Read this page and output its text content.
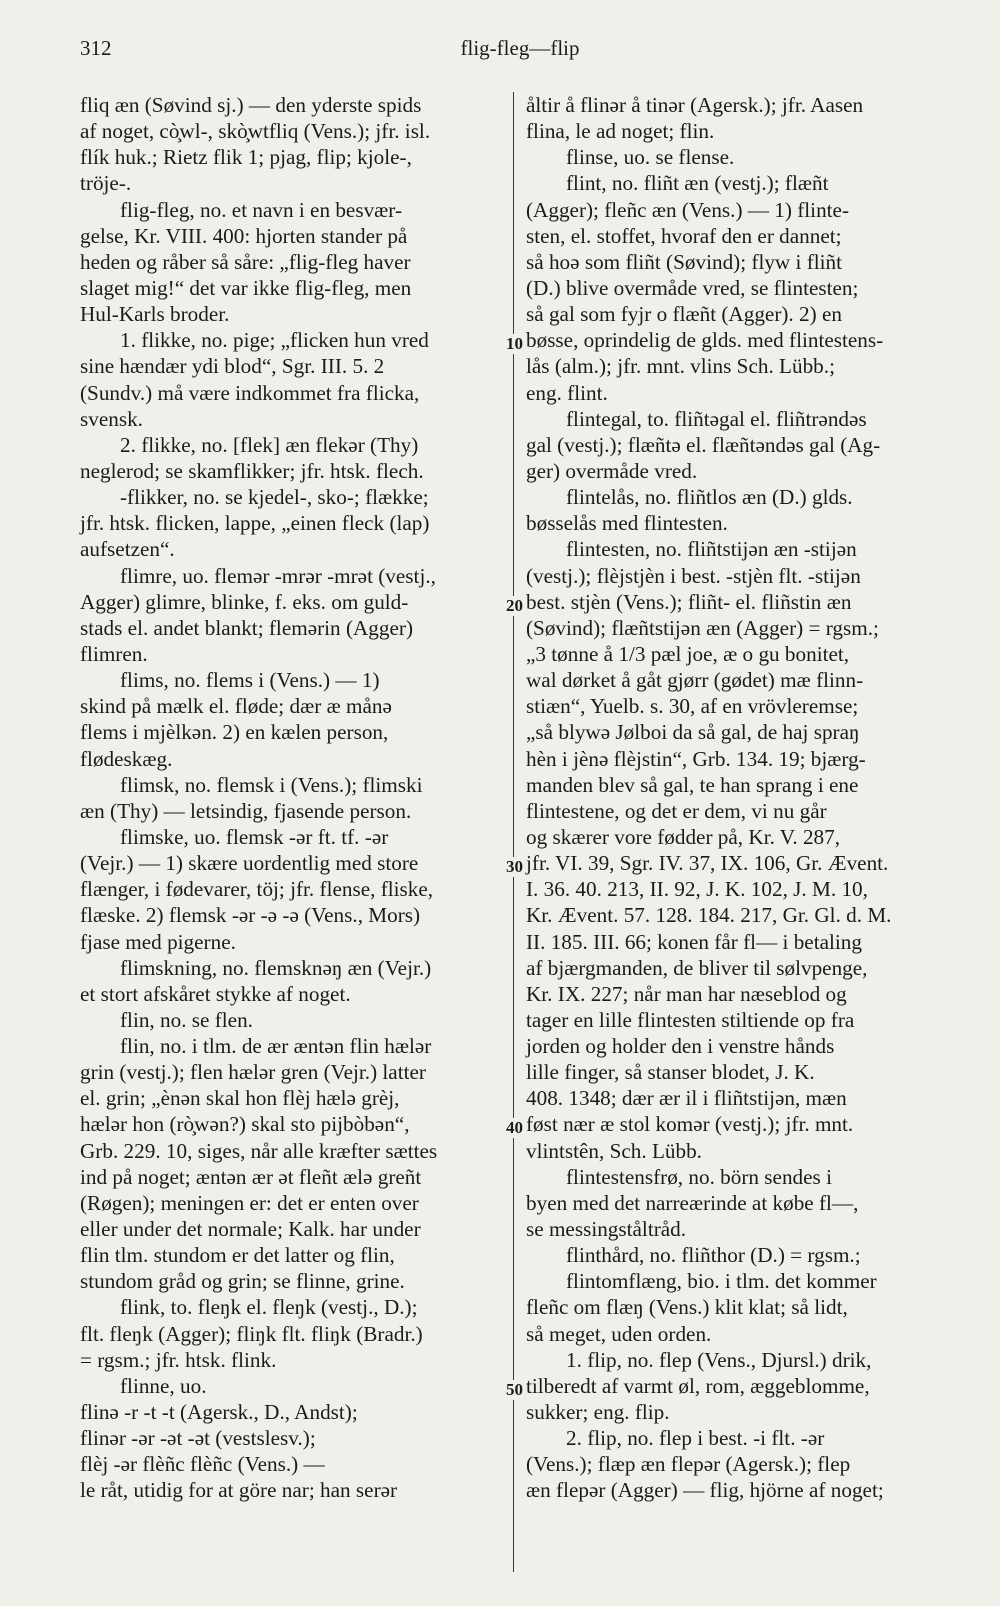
312	flig-fleg—flip
fliq æn (Søvind sj.) — den yderste spids
af noget, cò̧wl-, skò̧wtfliq (Vens.); jfr. isl.
flík huk.; Rietz flik 1; pjag, flip; kjole-,
tröje-.
flig-fleg, no. et navn i en besvær-
gelse, Kr. VIII. 400: hjorten stander på
heden og råber så såre: „flig-fleg haver
slaget mig!“ det var ikke flig-fleg, men
Hul-Karls broder.
1. flikke, no. pige; „flicken hun vred
sine hændær ydi blod“, Sgr. III. 5. 2
(Sundv.) må være indkommet fra flicka,
svensk.
2. flikke, no. [flek] æn flekər (Thy)
neglerod; se skamflikker; jfr. htsk. flech.
-flikker, no. se kjedel-, sko-; flække;
jfr. htsk. flicken, lappe, „einen fleck (lap)
aufsetzen“.
flimre, uo. flemər -mrər -mrət (vestj.,
Agger) glimre, blinke, f. eks. om guld-
stads el. andet blankt; flemərin (Agger)
flimren.
flims, no. flems i (Vens.) — 1)
skind på mælk el. fløde; dær æ månə
flems i mjèlkən. 2) en kælen person,
flødeskæg.
flimsk, no. flemsk i (Vens.); flimski
æn (Thy) — letsindig, fjasende person.
flimske, uo. flemsk -ər ft. tf. -ər
(Vejr.) — 1) skære uordentlig med store
flænger, i fødevarer, töj; jfr. flense, fliske,
flæske. 2) flemsk -ər -ə -ə (Vens., Mors)
fjase med pigerne.
flimskning, no. flemsknəŋ æn (Vejr.)
et stort afskåret stykke af noget.
flin, no. se flen.
flin, no. i tlm. de ær æntən flin hælər
grin (vestj.); flen hælər gren (Vejr.) latter
el. grin; „ènən skal hon flèj hælə grèj,
hælər hon (rò̧wən?) skal sto pijbòbən“,
Grb. 229. 10, siges, når alle kræfter sættes
ind på noget; æntən ær ət fleñt ælə greñt
(Røgen); meningen er: det er enten over
eller under det normale; Kalk. har under
flin tlm. stundom er det latter og flin,
stundom gråd og grin; se flinne, grine.
flink, to. fleŋk el. fleŋk (vestj., D.);
flt. fleŋk (Agger); fliŋk flt. fliŋk (Bradr.)
= rgsm.; jfr. htsk. flink.
flinne, uo.
flinə -r -t -t (Agersk., D., Andst);
flinər -ər -ət -ət (vestslesv.);
flèj -ər flèñc flèñc (Vens.) —
le råt, utidig for at göre nar; han serər
åltir å flinər å tinər (Agersk.); jfr. Aasen
flina, le ad noget; flin.
flinse, uo. se flense.
flint, no. fliñt æn (vestj.); flæñt
(Agger); fleñc æn (Vens.) — 1) flinte-
sten, el. stoffet, hvoraf den er dannet;
så hoə som fliñt (Søvind); flyw i fliñt
(D.) blive overmåde vred, se flintesten;
så gal som fyjr o flæñt (Agger). 2) en
bøsse, oprindelig de glds. med flintestens-
lås (alm.); jfr. mnt. vlins Sch. Lübb.;
eng. flint.
flintegal, to. fliñtəgal el. fliñtrəndəs
gal (vestj.); flæñtə el. flæñtəndəs gal (Ag-
ger) overmåde vred.
flintelås, no. fliñtlos æn (D.) glds.
bøsselås med flintesten.
flintesten, no. fliñtstijən æn -stijən
(vestj.); flèjstjèn i best. -stjèn flt. -stijən
best. stjèn (Vens.); fliñt- el. fliñstin æn
(Søvind); flæñtstijən æn (Agger) = rgsm.;
„3 tønne å 1/3 pæl joe, æ o gu bonitet,
wal dørket å gåt gjørr (gødet) mæ flinn-
stiæn“, Yuelb. s. 30, af en vrövleremse;
„så blywə Jølboi da så gal, de haj spraŋ
hèn i jènə flèjstin“, Grb. 134. 19; bjærg-
manden blev så gal, te han sprang i ene
flintestene, og det er dem, vi nu går
og skærer vore fødder på, Kr. V. 287,
jfr. VI. 39, Sgr. IV. 37, IX. 106, Gr. Ævent.
I. 36. 40. 213, II. 92, J. K. 102, J. M. 10,
Kr. Ævent. 57. 128. 184. 217, Gr. Gl. d. M.
II. 185. III. 66; konen får fl— i betaling
af bjærgmanden, de bliver til sølvpenge,
Kr. IX. 227; når man har næseblod og
tager en lille flintesten stiltiende op fra
jorden og holder den i venstre hånds
lille finger, så stanser blodet, J. K.
408. 1348; dær ær il i fliñtstijən, mæn
føst nær æ stol komər (vestj.); jfr. mnt.
vlintstên, Sch. Lübb.
flintestensfrø, no. börn sendes i
byen med det narreærinde at købe fl—,
se messingståltråd.
flinthård, no. fliñthor (D.) = rgsm.;
flintomflæng, bio. i tlm. det kommer
fleñc om flæŋ (Vens.) klit klat; så lidt,
så meget, uden orden.
1. flip, no. flep (Vens., Djursl.) drik,
tilberedt af varmt øl, rom, æggeblomme,
sukker; eng. flip.
2. flip, no. flep i best. -i flt. -ər
(Vens.); flæp æn flepər (Agersk.); flep
æn flepər (Agger) — flig, hjörne af noget;
10
20
30
40
50
